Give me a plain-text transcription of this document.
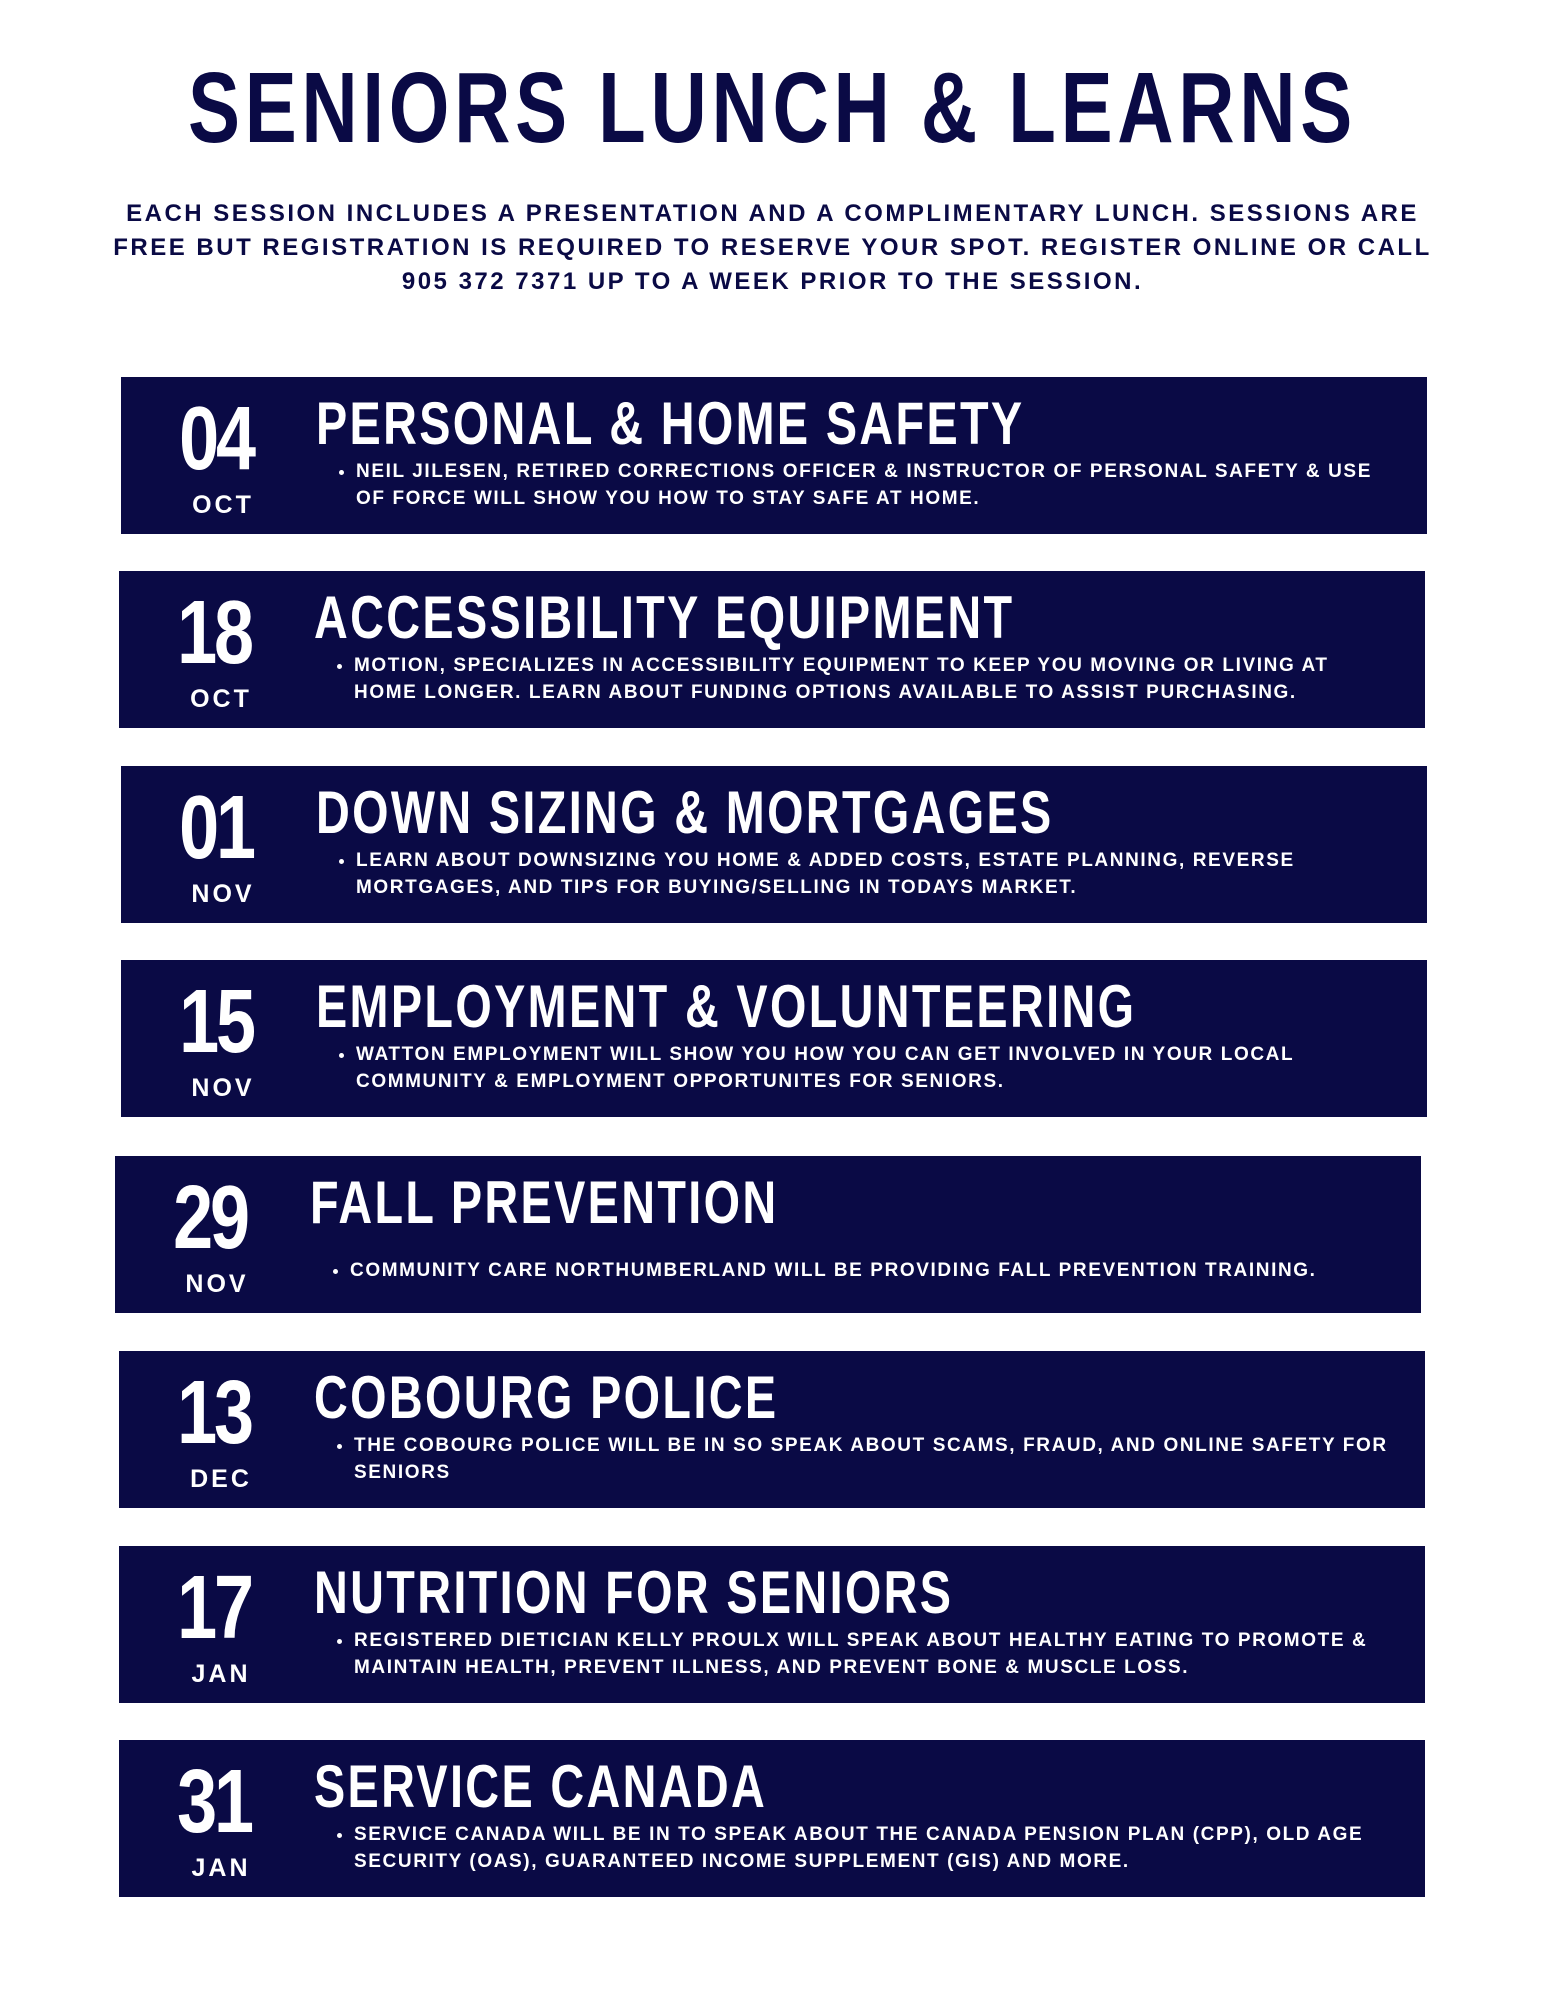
SENIORS LUNCH & LEARNS

EACH SESSION INCLUDES A PRESENTATION AND A COMPLIMENTARY LUNCH. SESSIONS ARE FREE BUT REGISTRATION IS REQUIRED TO RESERVE YOUR SPOT. REGISTER ONLINE OR CALL 905 372 7371 UP TO A WEEK PRIOR TO THE SESSION.

04
OCT
PERSONAL & HOME SAFETY
• NEIL JILESEN, RETIRED CORRECTIONS OFFICER & INSTRUCTOR OF PERSONAL SAFETY & USE OF FORCE WILL SHOW YOU HOW TO STAY SAFE AT HOME.
18
OCT
ACCESSIBILITY EQUIPMENT
• MOTION, SPECIALIZES IN ACCESSIBILITY EQUIPMENT TO KEEP YOU MOVING OR LIVING AT HOME LONGER. LEARN ABOUT FUNDING OPTIONS AVAILABLE TO ASSIST PURCHASING.
01
NOV
DOWN SIZING & MORTGAGES
• LEARN ABOUT DOWNSIZING YOU HOME & ADDED COSTS, ESTATE PLANNING, REVERSE MORTGAGES, AND TIPS FOR BUYING/SELLING IN TODAYS MARKET.
15
NOV
EMPLOYMENT & VOLUNTEERING
• WATTON EMPLOYMENT WILL SHOW YOU HOW YOU CAN GET INVOLVED IN YOUR LOCAL COMMUNITY & EMPLOYMENT OPPORTUNITES FOR SENIORS.
29
NOV
FALL PREVENTION
• COMMUNITY CARE NORTHUMBERLAND WILL BE PROVIDING FALL PREVENTION TRAINING.
13
DEC
COBOURG POLICE
• THE COBOURG POLICE WILL BE IN SO SPEAK ABOUT SCAMS, FRAUD, AND ONLINE SAFETY FOR SENIORS
17
JAN
NUTRITION FOR SENIORS
• REGISTERED DIETICIAN KELLY PROULX WILL SPEAK ABOUT HEALTHY EATING TO PROMOTE & MAINTAIN HEALTH, PREVENT ILLNESS, AND PREVENT BONE & MUSCLE LOSS.
31
JAN
SERVICE CANADA
• SERVICE CANADA WILL BE IN TO SPEAK ABOUT THE CANADA PENSION PLAN (CPP), OLD AGE SECURITY (OAS), GUARANTEED INCOME SUPPLEMENT (GIS) AND MORE.
